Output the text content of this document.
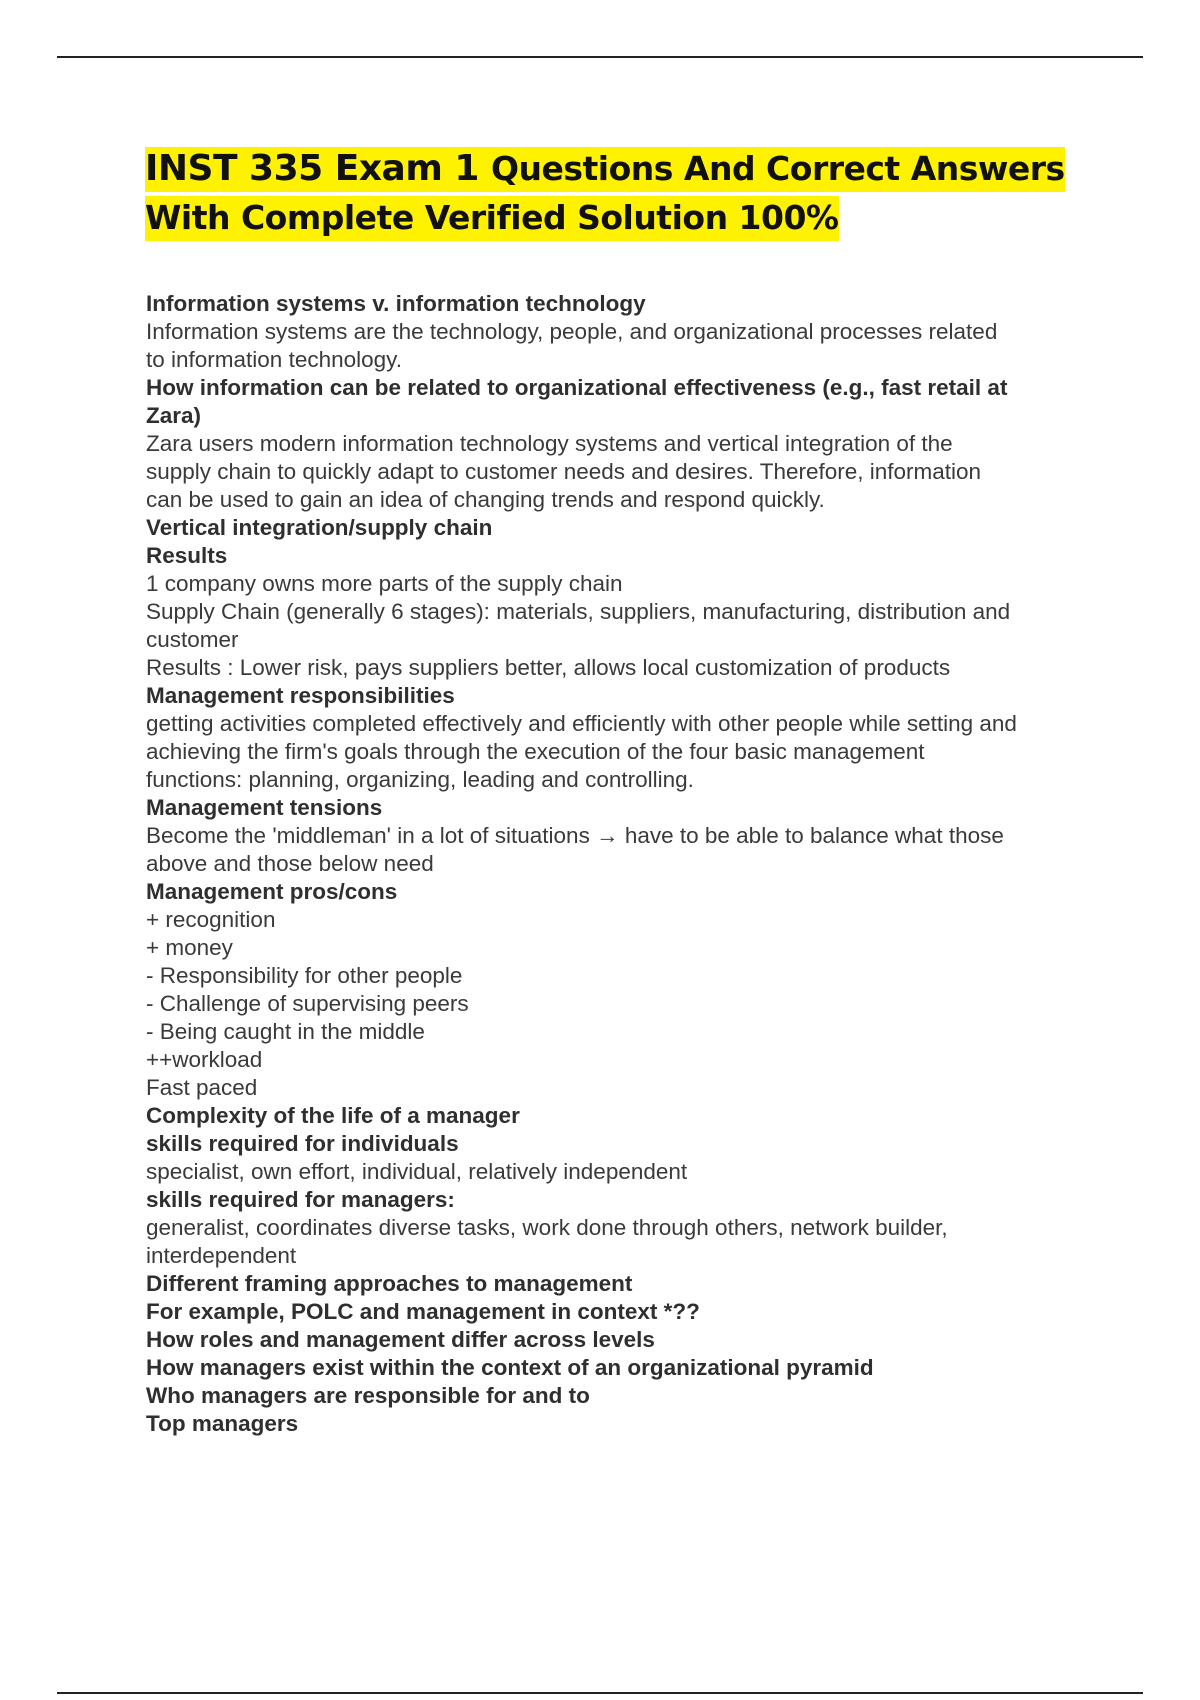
INST 335 Exam 1 Questions And Correct Answers
With Complete Verified Solution 100%

Information systems v. information technology

Information systems are the technology, people, and organizational processes related

to information technology.

How information can be related to organizational effectiveness (e.g., fast retail at

Zara)

Zara users modern information technology systems and vertical integration of the

supply chain to quickly adapt to customer needs and desires. Therefore, information

can be used to gain an idea of changing trends and respond quickly.

Vertical integration/supply chain

Results

1 company owns more parts of the supply chain

Supply Chain (generally 6 stages): materials, suppliers, manufacturing, distribution and

customer

Results : Lower risk, pays suppliers better, allows local customization of products

Management responsibilities

getting activities completed effectively and efficiently with other people while setting and

achieving the firm's goals through the execution of the four basic management

functions: planning, organizing, leading and controlling.

Management tensions

Become the 'middleman' in a lot of situations → have to be able to balance what those

above and those below need

Management pros/cons

+ recognition

+ money

- Responsibility for other people

- Challenge of supervising peers

- Being caught in the middle

++workload

Fast paced

Complexity of the life of a manager

skills required for individuals

specialist, own effort, individual, relatively independent

skills required for managers:

generalist, coordinates diverse tasks, work done through others, network builder,

interdependent

Different framing approaches to management

For example, POLC and management in context *??

How roles and management differ across levels

How managers exist within the context of an organizational pyramid

Who managers are responsible for and to

Top managers
